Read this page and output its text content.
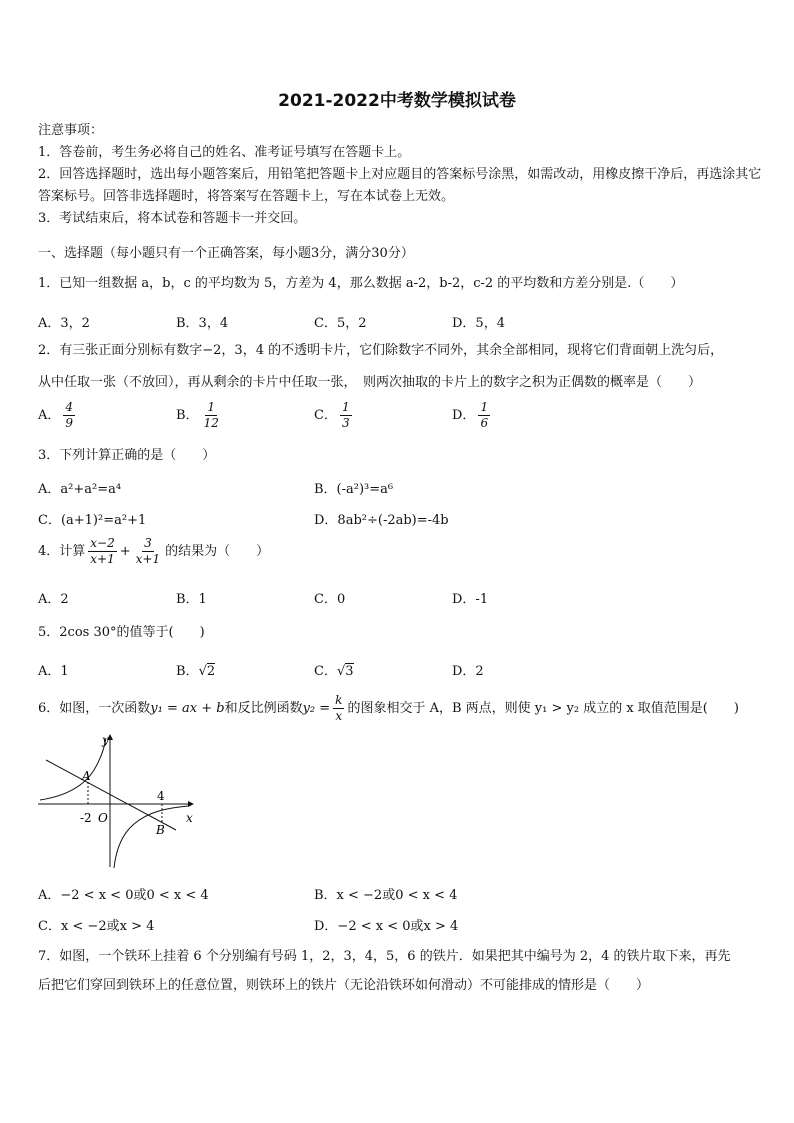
2021-2022中考数学模拟试卷
注意事项：
1．答卷前，考生务必将自己的姓名、准考证号填写在答题卡上。
2．回答选择题时，选出每小题答案后，用铅笔把答题卡上对应题目的答案标号涂黑，如需改动，用橡皮擦干净后，再选涂其它答案标号。回答非选择题时，将答案写在答题卡上，写在本试卷上无效。
3．考试结束后，将本试卷和答题卡一并交回。
一、选择题（每小题只有一个正确答案，每小题3分，满分30分）
1．已知一组数据 a，b，c 的平均数为 5，方差为 4，那么数据 a-2，b-2，c-2 的平均数和方差分别是.（　　）
A．3，2	B．3，4	C．5，2	D．5，4
2．有三张正面分别标有数字−2，3，4 的不透明卡片，它们除数字不同外，其余全部相同，现将它们背面朝上洗匀后，
从中任取一张（不放回），再从剩余的卡片中任取一张，　则两次抽取的卡片上的数字之积为正偶数的概率是（　　）
A． $\frac{4}{9}$	B． $\frac{1}{12}$	C． $\frac{1}{3}$	D． $\frac{1}{6}$
3．下列计算正确的是（　　）
A．a²+a²=a⁴	B．(-a²)³=a⁶
C．(a+1)²=a²+1	D．8ab²÷(-2ab)=-4b
4．计算 $\frac{x-2}{x+1} + \frac{3}{x+1}$ 的结果为（　　）
A．2	B．1	C．0	D．-1
5．2cos 30°的值等于(　　)
A．1	B．√2	C．√3	D．2
6．如图，一次函数y₁ = ax + b和反比例函数$y_2 = \frac{k}{x}$ 的图象相交于 A，B 两点，则使 y₁ > y₂ 成立的 x 取值范围是(　　)
y
x
O
A
B
-2
4
A．−2 < x < 0或0 < x < 4	B．x < −2或0 < x < 4
C．x < −2或x > 4	D．−2 < x < 0或x > 4
7．如图，一个铁环上挂着 6 个分别编有号码 1，2，3，4，5，6 的铁片．如果把其中编号为 2，4 的铁片取下来，再先
后把它们穿回到铁环上的任意位置，则铁环上的铁片（无论沿铁环如何滑动）不可能排成的情形是（　　）
